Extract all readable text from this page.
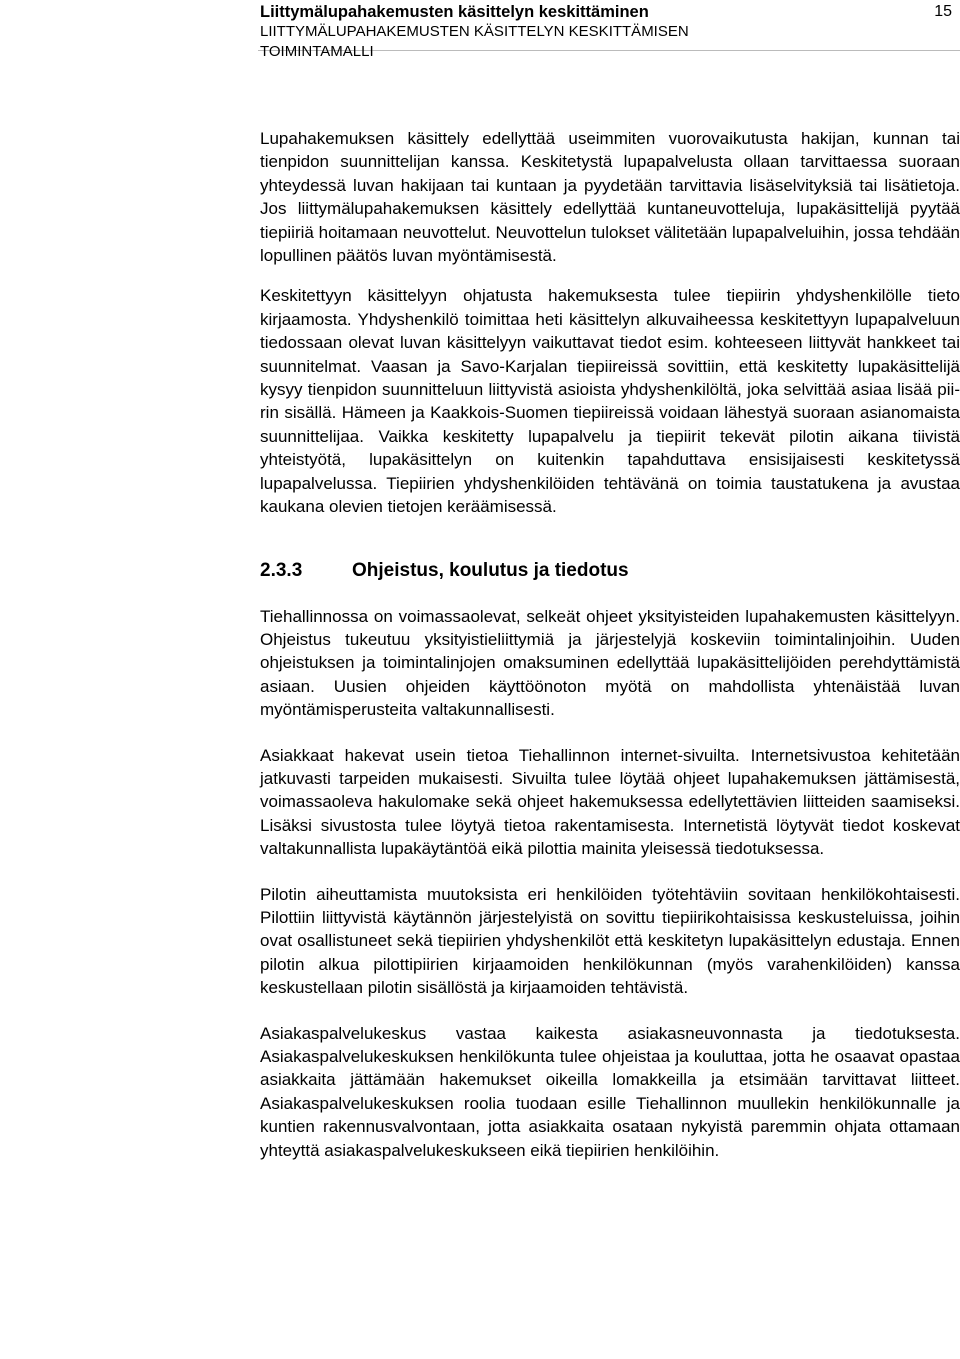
Liittymälupahakemusten käsittelyn keskittäminen
LIITTYMÄLUPAHAKEMUSTEN KÄSITTELYN KESKITTÄMISEN TOIMINTAMALLI
15

Lupahakemuksen käsittely edellyttää useimmiten vuorovaikutusta hakijan, kunnan tai tienpidon suunnittelijan kanssa. Keskitetystä lupapalvelusta ollaan tarvittaessa suoraan yhteydessä luvan hakijaan tai kuntaan ja pyydetään tarvittavia lisäselvityksiä tai lisätietoja. Jos liittymälupahakemuksen käsittely edellyttää kuntaneuvotteluja, lupakäsittelijä pyytää tiepiiriä hoitamaan neuvottelut. Neuvottelun tulokset välitetään lupapalveluihin, jossa tehdään lopullinen päätös luvan myöntämisestä.

Keskitettyyn käsittelyyn ohjatusta hakemuksesta tulee tiepiirin yhdyshenkilölle tieto kirjaamosta. Yhdyshenkilö toimittaa heti käsittelyn alkuvaiheessa keskitettyyn lupapalveluun tiedossaan olevat luvan käsittelyyn vaikuttavat tiedot esim. kohteeseen liittyvät hankkeet tai suunnitelmat. Vaasan ja Savo-Karjalan tiepiireissä sovittiin, että keskitetty lupakäsittelijä kysyy tienpidon suunnitteluun liittyvistä asioista yhdyshenkilöltä, joka selvittää asiaa lisää piirin sisällä. Hämeen ja Kaakkois-Suomen tiepiireissä voidaan lähestyä suoraan asianomaista suunnittelijaa. Vaikka keskitetty lupapalvelu ja tiepiirit tekevät pilotin aikana tiivistä yhteistyötä, lupakäsittelyn on kuitenkin tapahduttava ensisijaisesti keskitetyssä lupapalvelussa. Tiepiirien yhdyshenkilöiden tehtävänä on toimia taustatukena ja avustaa kaukana olevien tietojen keräämisessä.

2.3.3	Ohjeistus, koulutus ja tiedotus

Tiehallinnossa on voimassaolevat, selkeät ohjeet yksityisteiden lupahakemusten käsittelyyn. Ohjeistus tukeutuu yksityistieliittymiä ja järjestelyjä koskeviin toimintalinjoihin. Uuden ohjeistuksen ja toimintalinjojen omaksuminen edellyttää lupakäsittelijöiden perehdyttämistä asiaan. Uusien ohjeiden käyttöönoton myötä on mahdollista yhtenäistää luvan myöntämisperusteita valtakunnallisesti.

Asiakkaat hakevat usein tietoa Tiehallinnon internet-sivuilta. Internetsivustoa kehitetään jatkuvasti tarpeiden mukaisesti. Sivuilta tulee löytää ohjeet lupahakemuksen jättämisestä, voimassaoleva hakulomake sekä ohjeet hakemuksessa edellytettävien liitteiden saamiseksi. Lisäksi sivustosta tulee löytyä tietoa rakentamisesta. Internetistä löytyvät tiedot koskevat valtakunnallista lupakäytäntöä eikä pilottia mainita yleisessä tiedotuksessa.

Pilotin aiheuttamista muutoksista eri henkilöiden työtehtäviin sovitaan henkilökohtaisesti. Pilottiin liittyvistä käytännön järjestelyistä on sovittu tiepiirikohtaisissa keskusteluissa, joihin ovat osallistuneet sekä tiepiirien yhdyshenkilöt että keskitetyn lupakäsittelyn edustaja. Ennen pilotin alkua pilottipiirien kirjaamoiden henkilökunnan (myös varahenkilöiden) kanssa keskustellaan pilotin sisällöstä ja kirjaamoiden tehtävistä.

Asiakaspalvelukeskus vastaa kaikesta asiakasneuvonnasta ja tiedotuksesta. Asiakaspalvelukeskuksen henkilökunta tulee ohjeistaa ja kouluttaa, jotta he osaavat opastaa asiakkaita jättämään hakemukset oikeilla lomakkeilla ja etsimään tarvittavat liitteet. Asiakaspalvelukeskuksen roolia tuodaan esille Tiehallinnon muullekin henkilökunnalle ja kuntien rakennusvalvontaan, jotta asiakkaita osataan nykyistä paremmin ohjata ottamaan yhteyttä asiakaspalvelukeskukseen eikä tiepiirien henkilöihin.
